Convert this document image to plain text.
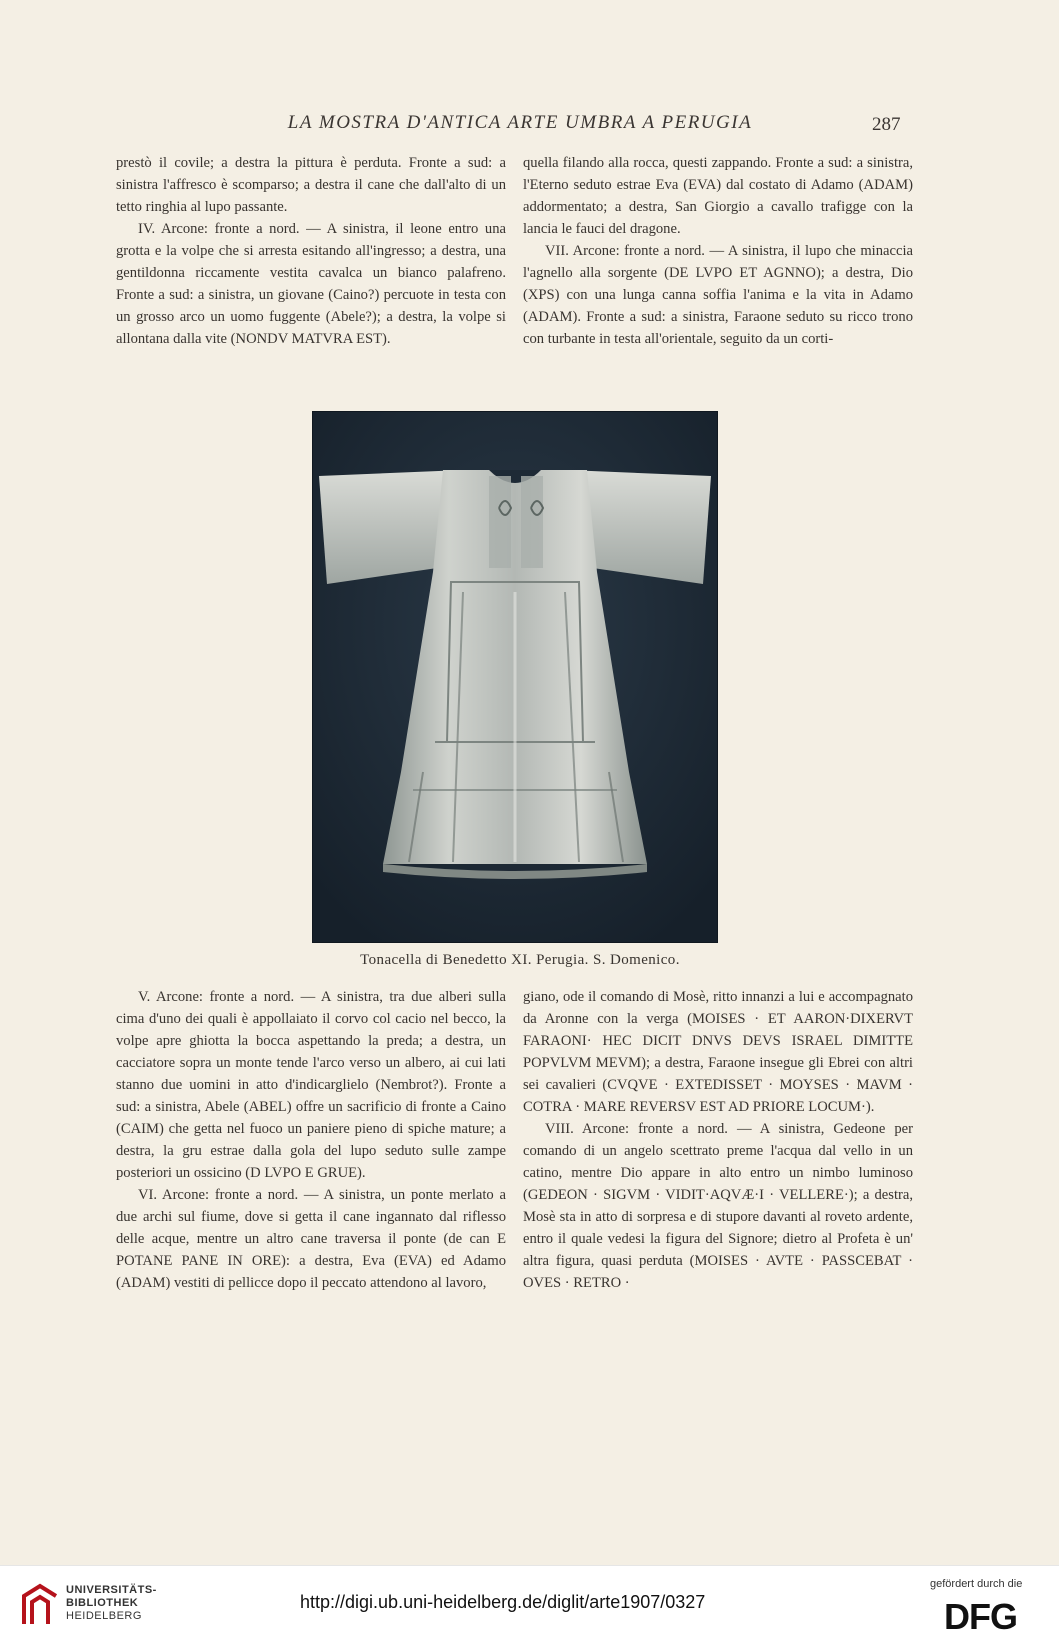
LA MOSTRA D'ANTICA ARTE UMBRA A PERUGIA	287

prestò il covile; a destra la pittura è perduta. Fronte a sud: a sinistra l'affresco è scomparso; a destra il cane che dall'alto di un tetto ringhia al lupo passante.

IV. Arcone: fronte a nord. — A sinistra, il leone entro una grotta e la volpe che si arresta esitando all'ingresso; a destra, una gentildonna riccamente vestita cavalca un bianco palafreno. Fronte a sud: a sinistra, un giovane (Caino?) percuote in testa con un grosso arco un uomo fuggente (Abele?); a destra, la volpe si allontana dalla vite (NONDV MATVRA EST).

quella filando alla rocca, questi zappando. Fronte a sud: a sinistra, l'Eterno seduto estrae Eva (EVA) dal costato di Adamo (ADAM) addormentato; a destra, San Giorgio a cavallo trafigge con la lancia le fauci del dragone.

VII. Arcone: fronte a nord. — A sinistra, il lupo che minaccia l'agnello alla sorgente (DE LVPO ET AGNNO); a destra, Dio (XPS) con una lunga canna soffia l'anima e la vita in Adamo (ADAM). Fronte a sud: a sinistra, Faraone seduto su ricco trono con turbante in testa all'orientale, seguito da un corti-

Tonacella di Benedetto XI. Perugia. S. Domenico.

V. Arcone: fronte a nord. — A sinistra, tra due alberi sulla cima d'uno dei quali è appollaiato il corvo col cacio nel becco, la volpe apre ghiotta la bocca aspettando la preda; a destra, un cacciatore sopra un monte tende l'arco verso un albero, ai cui lati stanno due uomini in atto d'indicarglielo (Nembrot?). Fronte a sud: a sinistra, Abele (ABEL) offre un sacrificio di fronte a Caino (CAIM) che getta nel fuoco un paniere pieno di spiche mature; a destra, la gru estrae dalla gola del lupo seduto sulle zampe posteriori un ossicino (D LVPO E GRUE).

VI. Arcone: fronte a nord. — A sinistra, un ponte merlato a due archi sul fiume, dove si getta il cane ingannato dal riflesso delle acque, mentre un altro cane traversa il ponte (de can E POTANE PANE IN ORE): a destra, Eva (EVA) ed Adamo (ADAM) vestiti di pellicce dopo il peccato attendono al lavoro,

giano, ode il comando di Mosè, ritto innanzi a lui e accompagnato da Aronne con la verga (MOISES · ET AARON·DIXERVT FARAONI· HEC DICIT DNVS DEVS ISRAEL DIMITTE POPVLVM MEVM); a destra, Faraone insegue gli Ebrei con altri sei cavalieri (CVQVE · EXTEDISSET · MOYSES · MAVM · COTRA · MARE REVERSV EST AD PRIORE LOCUM·).

VIII. Arcone: fronte a nord. — A sinistra, Gedeone per comando di un angelo scettrato preme l'acqua dal vello in un catino, mentre Dio appare in alto entro un nimbo luminoso (GEDEON · SIGVM · VIDIT·AQVÆ·I · VELLERE·); a destra, Mosè sta in atto di sorpresa e di stupore davanti al roveto ardente, entro il quale vedesi la figura del Signore; dietro al Profeta è un' altra figura, quasi perduta (MOISES · AVTE · PASSCEBAT · OVES · RETRO ·

UNIVERSITÄTS-
BIBLIOTHEK
HEIDELBERG
http://digi.ub.uni-heidelberg.de/diglit/arte1907/0327
gefördert durch die
DFG
